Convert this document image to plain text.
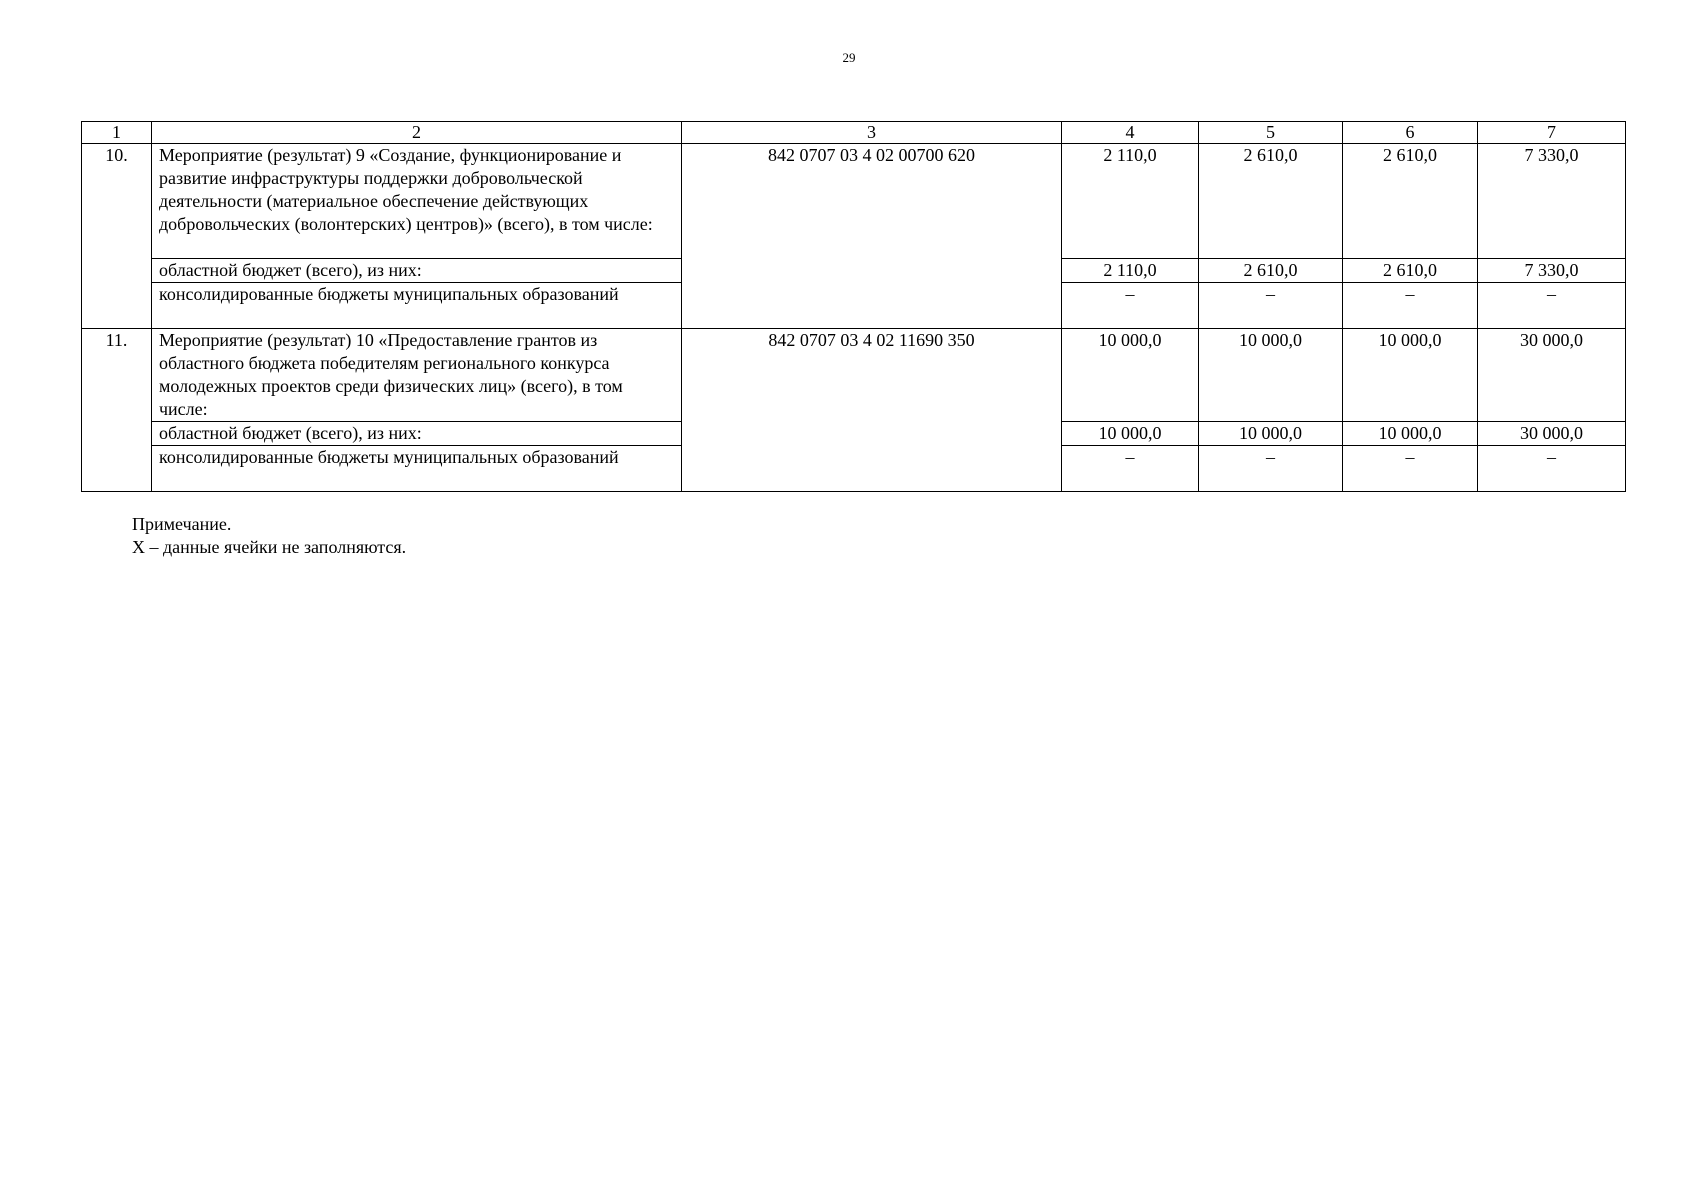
29
1	2	3	4	5	6	7
10.	Мероприятие (результат) 9 «Создание, функционирование и развитие инфраструктуры поддержки добровольческой деятельности (материальное обеспечение действующих добровольческих (волонтерских) центров)» (всего), в том числе:	842 0707 03 4 02 00700 620	2 110,0	2 610,0	2 610,0	7 330,0
	областной бюджет (всего), из них:		2 110,0	2 610,0	2 610,0	7 330,0
	консолидированные бюджеты муниципальных образований		–	–	–	–
11.	Мероприятие (результат) 10 «Предоставление грантов из областного бюджета победителям регионального конкурса молодежных проектов среди физических лиц» (всего), в том числе:	842 0707 03 4 02 11690 350	10 000,0	10 000,0	10 000,0	30 000,0
	областной бюджет (всего), из них:		10 000,0	10 000,0	10 000,0	30 000,0
	консолидированные бюджеты муниципальных образований		–	–	–	–
Примечание.
Х – данные ячейки не заполняются.
